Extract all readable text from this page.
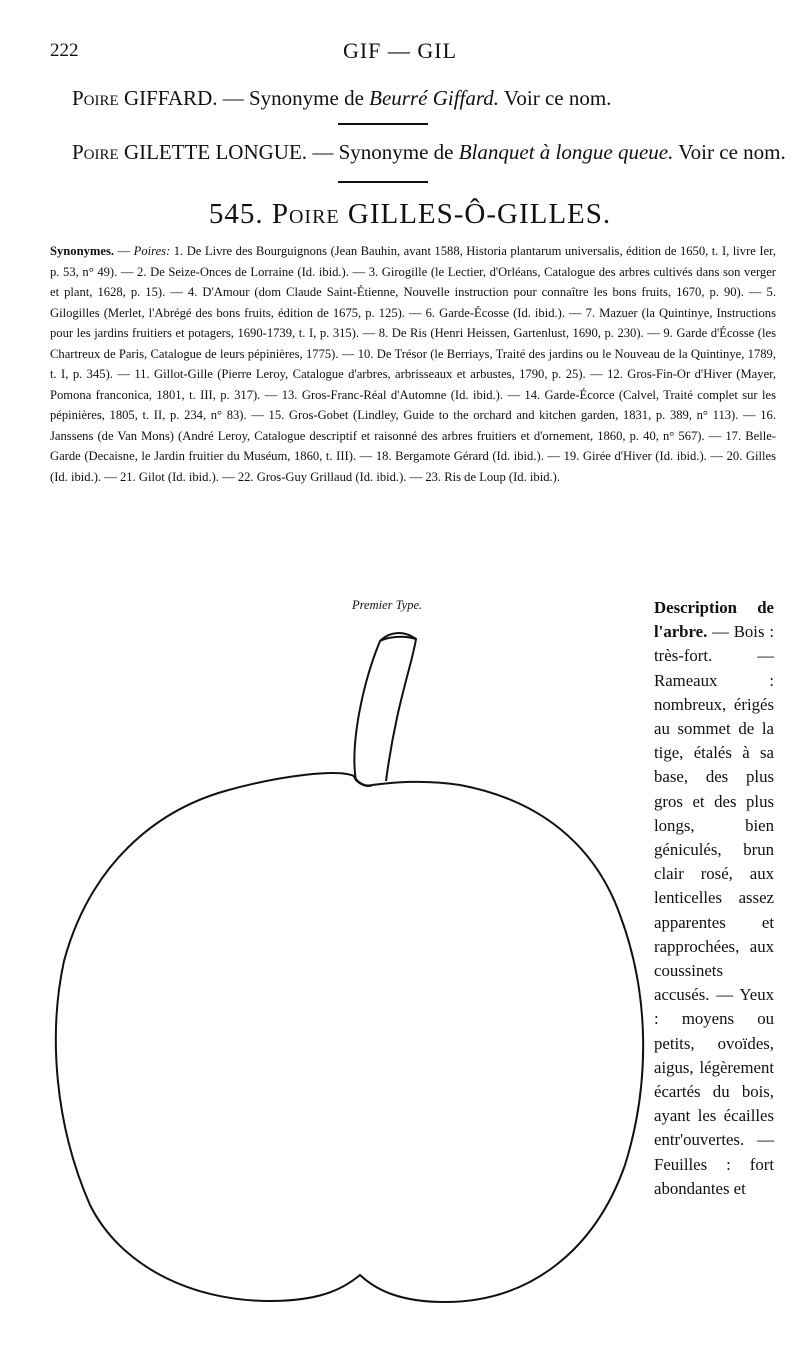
222	GIF — GIL
Poire GIFFARD. — Synonyme de Beurré Giffard. Voir ce nom.
Poire GILETTE LONGUE. — Synonyme de Blanquet à longue queue. Voir ce nom.
545. Poire GILLES-Ô-GILLES.
Synonymes. — Poires: 1. De Livre des Bourguignons (Jean Bauhin, avant 1588, Historia plantarum universalis, édition de 1650, t. I, livre Ier, p. 53, n° 49). — 2. De Seize-Onces de Lorraine (Id. ibid.). — 3. Girogille (le Lectier, d'Orléans, Catalogue des arbres cultivés dans son verger et plant, 1628, p. 15). — 4. D'Amour (dom Claude Saint-Étienne, Nouvelle instruction pour connaître les bons fruits, 1670, p. 90). — 5. Gilogilles (Merlet, l'Abrégé des bons fruits, édition de 1675, p. 125). — 6. Garde-Écosse (Id. ibid.). — 7. Mazuer (la Quintinye, Instructions pour les jardins fruitiers et potagers, 1690-1739, t. I, p. 315). — 8. De Ris (Henri Heissen, Gartenlust, 1690, p. 230). — 9. Garde d'Écosse (les Chartreux de Paris, Catalogue de leurs pépinières, 1775). — 10. De Trésor (le Berriays, Traité des jardins ou le Nouveau de la Quintinye, 1789, t. I, p. 345). — 11. Gillot-Gille (Pierre Leroy, Catalogue d'arbres, arbrisseaux et arbustes, 1790, p. 25). — 12. Gros-Fin-Or d'Hiver (Mayer, Pomona franconica, 1801, t. III, p. 317). — 13. Gros-Franc-Réal d'Automne (Id. ibid.). — 14. Garde-Écorce (Calvel, Traité complet sur les pépinières, 1805, t. II, p. 234, n° 83). — 15. Gros-Gobet (Lindley, Guide to the orchard and kitchen garden, 1831, p. 389, n° 113). — 16. Janssens (de Van Mons) (André Leroy, Catalogue descriptif et raisonné des arbres fruitiers et d'ornement, 1860, p. 40, n° 567). — 17. Belle-Garde (Decaisne, le Jardin fruitier du Muséum, 1860, t. III). — 18. Bergamote Gérard (Id. ibid.). — 19. Girée d'Hiver (Id. ibid.). — 20. Gilles (Id. ibid.). — 21. Gilot (Id. ibid.). — 22. Gros-Guy Grillaud (Id. ibid.). — 23. Ris de Loup (Id. ibid.).
Premier Type.	Description de l'arbre. — Bois : très-fort. — Rameaux : nombreux, érigés au sommet de la tige, étalés à sa base, des plus gros et des plus longs, bien géniculés, brun clair rosé, aux lenticelles assez apparentes et rapprochées, aux coussinets accusés. — Yeux : moyens ou petits, ovoïdes, aigus, légèrement écartés du bois, ayant les écailles entr'ouvertes. — Feuilles : fort abondantes et
